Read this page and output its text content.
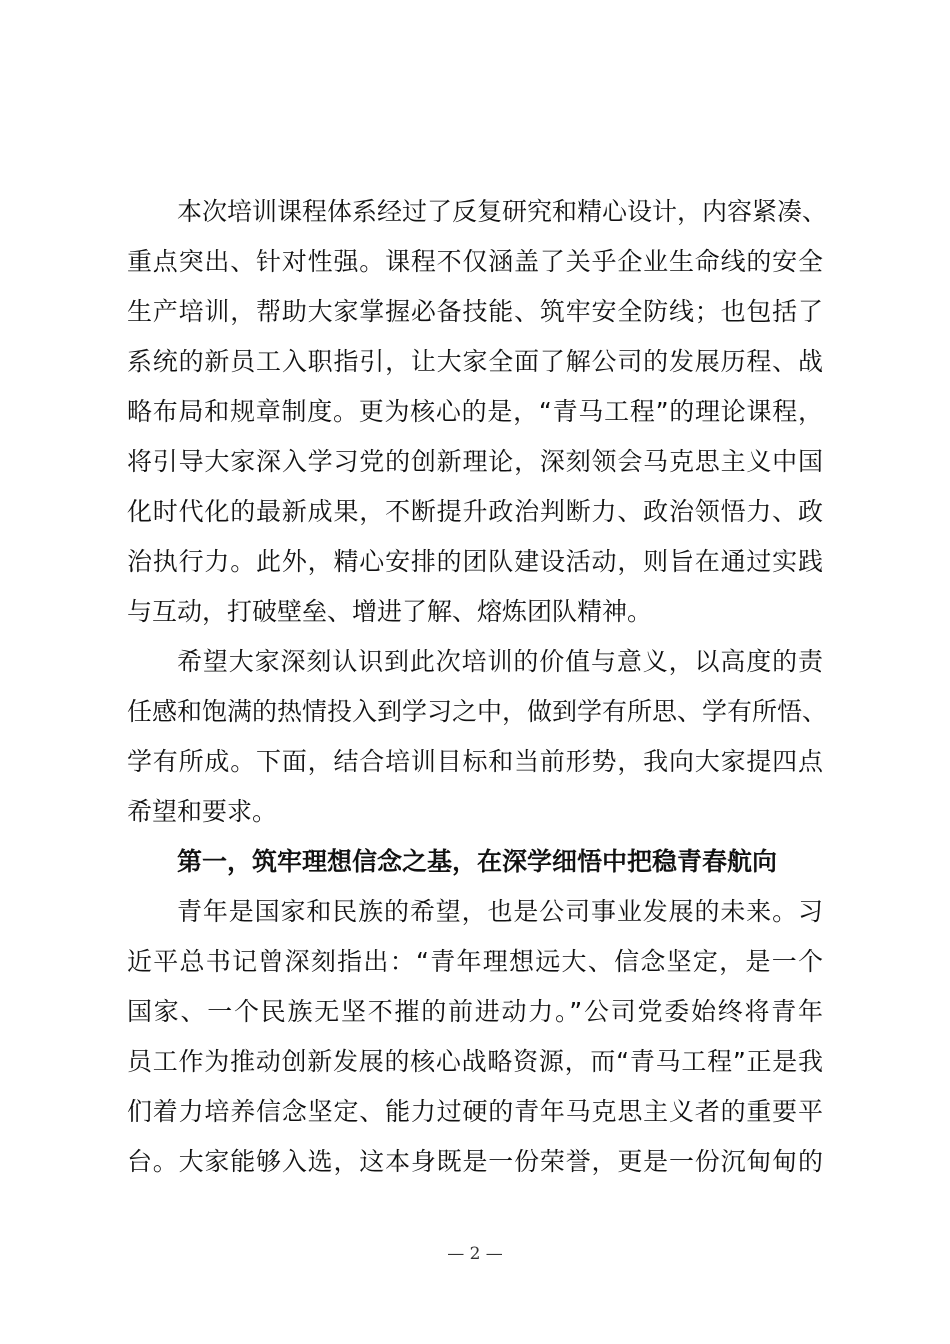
本次培训课程体系经过了反复研究和精心设计，内容紧凑、
重点突出、针对性强。课程不仅涵盖了关乎企业生命线的安全
生产培训，帮助大家掌握必备技能、筑牢安全防线；也包括了
系统的新员工入职指引，让大家全面了解公司的发展历程、战
略布局和规章制度。更为核心的是，“青马工程”的理论课程，
将引导大家深入学习党的创新理论，深刻领会马克思主义中国
化时代化的最新成果，不断提升政治判断力、政治领悟力、政
治执行力。此外，精心安排的团队建设活动，则旨在通过实践
与互动，打破壁垒、增进了解、熔炼团队精神。
希望大家深刻认识到此次培训的价值与意义，以高度的责
任感和饱满的热情投入到学习之中，做到学有所思、学有所悟、
学有所成。下面，结合培训目标和当前形势，我向大家提四点
希望和要求。
第一，筑牢理想信念之基，在深学细悟中把稳青春航向
青年是国家和民族的希望，也是公司事业发展的未来。习
近平总书记曾深刻指出：“青年理想远大、信念坚定，是一个
国家、一个民族无坚不摧的前进动力。”公司党委始终将青年
员工作为推动创新发展的核心战略资源，而“青马工程”正是我
们着力培养信念坚定、能力过硬的青年马克思主义者的重要平
台。大家能够入选，这本身既是一份荣誉，更是一份沉甸甸的
— 2 —
